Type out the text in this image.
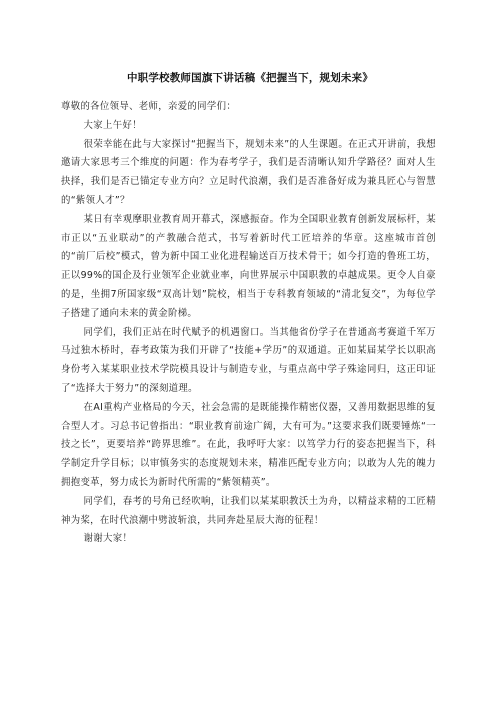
中职学校教师国旗下讲话稿《把握当下，规划未来》

尊敬的各位领导、老师，亲爱的同学们：

大家上午好！

很荣幸能在此与大家探讨“把握当下，规划未来”的人生课题。在正式开讲前，我想邀请大家思考三个维度的问题：作为春考学子，我们是否清晰认知升学路径？面对人生抉择，我们是否已锚定专业方向？立足时代浪潮，我们是否准备好成为兼具匠心与智慧的“紫领人才”？

某日有幸观摩职业教育周开幕式，深感振奋。作为全国职业教育创新发展标杆，某市正以“五业联动”的产教融合范式，书写着新时代工匠培养的华章。这座城市首创的“前厂后校”模式，曾为新中国工业化进程输送百万技术骨干；如今打造的鲁班工坊，正以99%的国企及行业领军企业就业率，向世界展示中国职教的卓越成果。更令人自豪的是，坐拥7所国家级“双高计划”院校，相当于专科教育领域的“清北复交”，为每位学子搭建了通向未来的黄金阶梯。

同学们，我们正站在时代赋予的机遇窗口。当其他省份学子在普通高考赛道千军万马过独木桥时，春考政策为我们开辟了“技能+学历”的双通道。正如某届某学长以职高身份考入某某职业技术学院模具设计与制造专业，与重点高中学子殊途同归，这正印证了“选择大于努力”的深刻道理。

在AI重构产业格局的今天，社会急需的是既能操作精密仪器，又善用数据思维的复合型人才。习总书记曾指出：“职业教育前途广阔，大有可为。”这要求我们既要锤炼“一技之长”，更要培养“跨界思维”。在此，我呼吁大家：以笃学力行的姿态把握当下，科学制定升学目标；以审慎务实的态度规划未来，精准匹配专业方向；以敢为人先的魄力拥抱变革，努力成长为新时代所需的“紫领精英”。

同学们，春考的号角已经吹响，让我们以某某职教沃土为舟，以精益求精的工匠精神为桨，在时代浪潮中劈波斩浪，共同奔赴星辰大海的征程！

谢谢大家！
